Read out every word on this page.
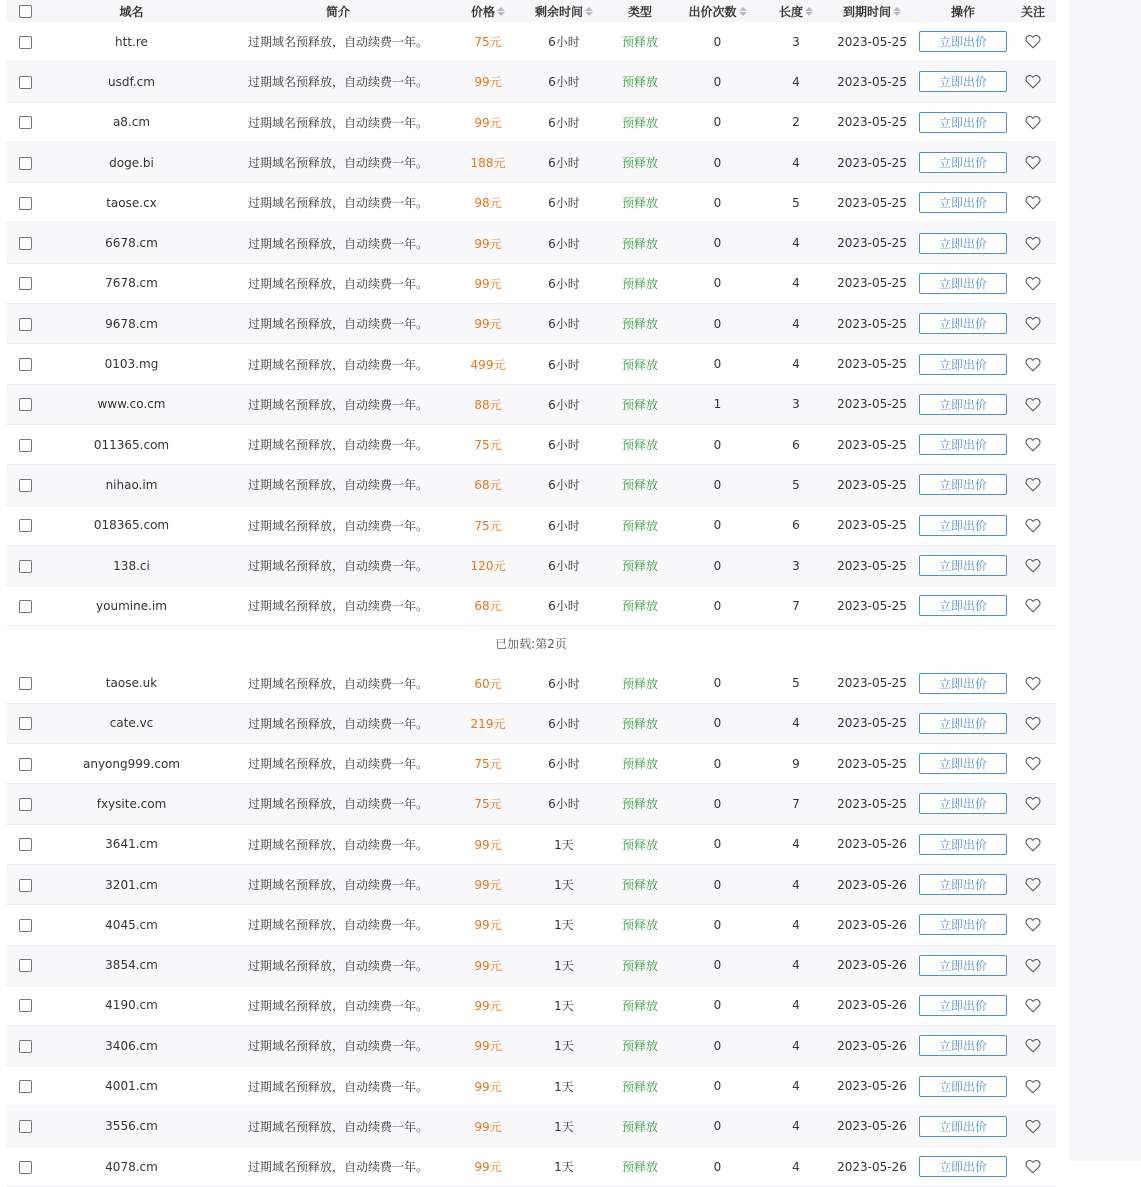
域名	简介	价格	剩余时间	类型	出价次数	长度	到期时间	操作	关注
htt.re	过期域名预释放，自动续费一年。	75元	6小时	预释放	0	3	2023-05-25	立即出价
usdf.cm	过期域名预释放，自动续费一年。	99元	6小时	预释放	0	4	2023-05-25	立即出价
a8.cm	过期域名预释放，自动续费一年。	99元	6小时	预释放	0	2	2023-05-25	立即出价
doge.bi	过期域名预释放，自动续费一年。	188元	6小时	预释放	0	4	2023-05-25	立即出价
taose.cx	过期域名预释放，自动续费一年。	98元	6小时	预释放	0	5	2023-05-25	立即出价
6678.cm	过期域名预释放，自动续费一年。	99元	6小时	预释放	0	4	2023-05-25	立即出价
7678.cm	过期域名预释放，自动续费一年。	99元	6小时	预释放	0	4	2023-05-25	立即出价
9678.cm	过期域名预释放，自动续费一年。	99元	6小时	预释放	0	4	2023-05-25	立即出价
0103.mg	过期域名预释放，自动续费一年。	499元	6小时	预释放	0	4	2023-05-25	立即出价
www.co.cm	过期域名预释放，自动续费一年。	88元	6小时	预释放	1	3	2023-05-25	立即出价
011365.com	过期域名预释放，自动续费一年。	75元	6小时	预释放	0	6	2023-05-25	立即出价
nihao.im	过期域名预释放，自动续费一年。	68元	6小时	预释放	0	5	2023-05-25	立即出价
018365.com	过期域名预释放，自动续费一年。	75元	6小时	预释放	0	6	2023-05-25	立即出价
138.ci	过期域名预释放，自动续费一年。	120元	6小时	预释放	0	3	2023-05-25	立即出价
youmine.im	过期域名预释放，自动续费一年。	68元	6小时	预释放	0	7	2023-05-25	立即出价
已加载:第2页
taose.uk	过期域名预释放，自动续费一年。	60元	6小时	预释放	0	5	2023-05-25	立即出价
cate.vc	过期域名预释放，自动续费一年。	219元	6小时	预释放	0	4	2023-05-25	立即出价
anyong999.com	过期域名预释放，自动续费一年。	75元	6小时	预释放	0	9	2023-05-25	立即出价
fxysite.com	过期域名预释放，自动续费一年。	75元	6小时	预释放	0	7	2023-05-25	立即出价
3641.cm	过期域名预释放，自动续费一年。	99元	1天	预释放	0	4	2023-05-26	立即出价
3201.cm	过期域名预释放，自动续费一年。	99元	1天	预释放	0	4	2023-05-26	立即出价
4045.cm	过期域名预释放，自动续费一年。	99元	1天	预释放	0	4	2023-05-26	立即出价
3854.cm	过期域名预释放，自动续费一年。	99元	1天	预释放	0	4	2023-05-26	立即出价
4190.cm	过期域名预释放，自动续费一年。	99元	1天	预释放	0	4	2023-05-26	立即出价
3406.cm	过期域名预释放，自动续费一年。	99元	1天	预释放	0	4	2023-05-26	立即出价
4001.cm	过期域名预释放，自动续费一年。	99元	1天	预释放	0	4	2023-05-26	立即出价
3556.cm	过期域名预释放，自动续费一年。	99元	1天	预释放	0	4	2023-05-26	立即出价
4078.cm	过期域名预释放，自动续费一年。	99元	1天	预释放	0	4	2023-05-26	立即出价
